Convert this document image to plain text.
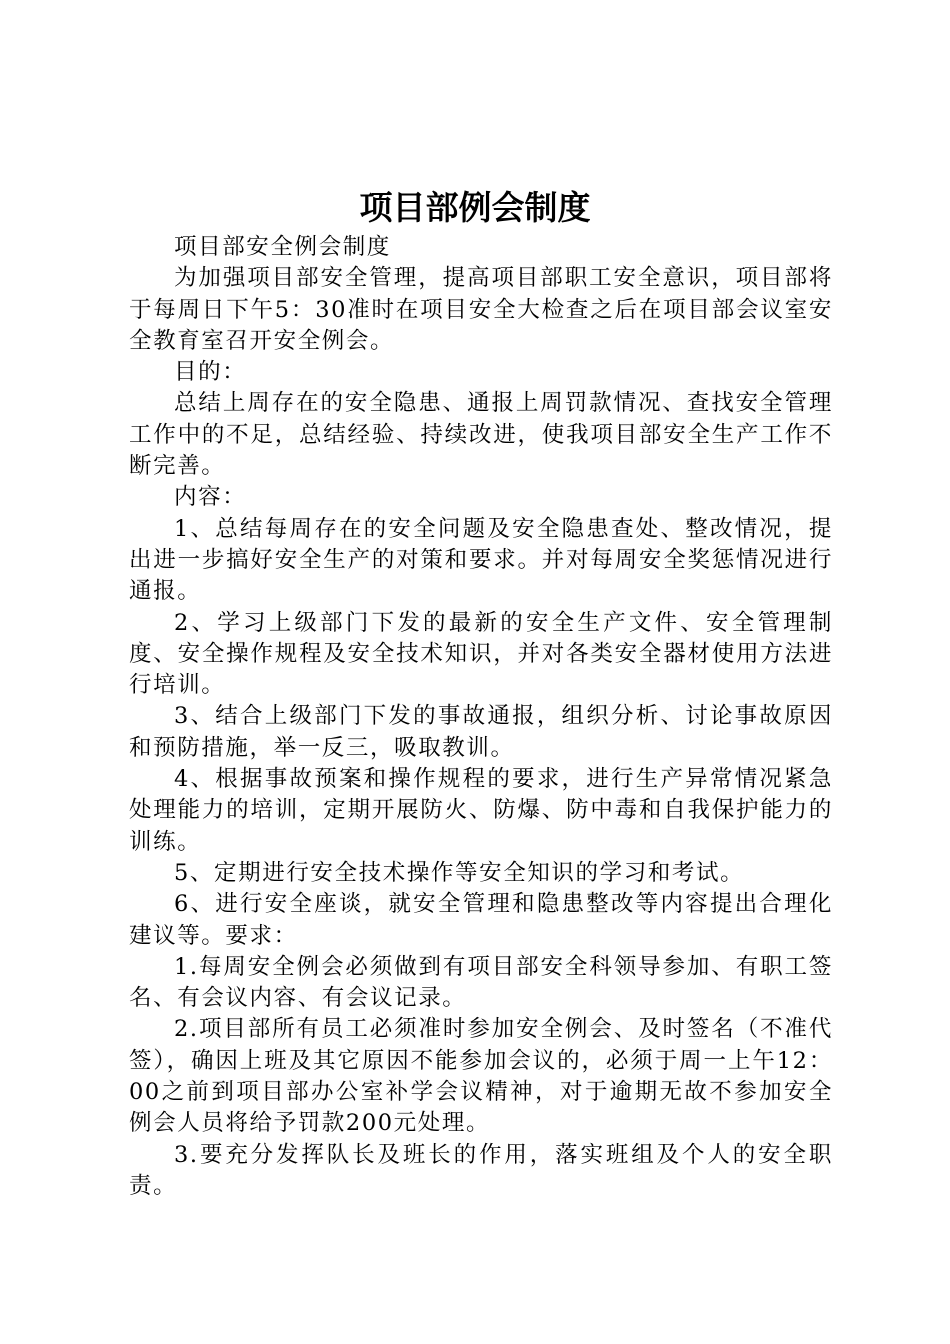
项目部例会制度

项目部安全例会制度

为加强项目部安全管理，提高项目部职工安全意识，项目部将于每周日下午5：30准时在项目安全大检查之后在项目部会议室安全教育室召开安全例会。

目的：

总结上周存在的安全隐患、通报上周罚款情况、查找安全管理工作中的不足，总结经验、持续改进，使我项目部安全生产工作不断完善。

内容：

1、总结每周存在的安全问题及安全隐患查处、整改情况，提出进一步搞好安全生产的对策和要求。并对每周安全奖惩情况进行通报。

2、学习上级部门下发的最新的安全生产文件、安全管理制度、安全操作规程及安全技术知识，并对各类安全器材使用方法进行培训。

3、结合上级部门下发的事故通报，组织分析、讨论事故原因和预防措施，举一反三，吸取教训。

4、根据事故预案和操作规程的要求，进行生产异常情况紧急处理能力的培训，定期开展防火、防爆、防中毒和自我保护能力的训练。

5、定期进行安全技术操作等安全知识的学习和考试。

6、进行安全座谈，就安全管理和隐患整改等内容提出合理化建议等。要求：

1.每周安全例会必须做到有项目部安全科领导参加、有职工签名、有会议内容、有会议记录。

2.项目部所有员工必须准时参加安全例会、及时签名（不准代签），确因上班及其它原因不能参加会议的，必须于周一上午12：00之前到项目部办公室补学会议精神，对于逾期无故不参加安全例会人员将给予罚款200元处理。

3.要充分发挥队长及班长的作用，落实班组及个人的安全职责。
